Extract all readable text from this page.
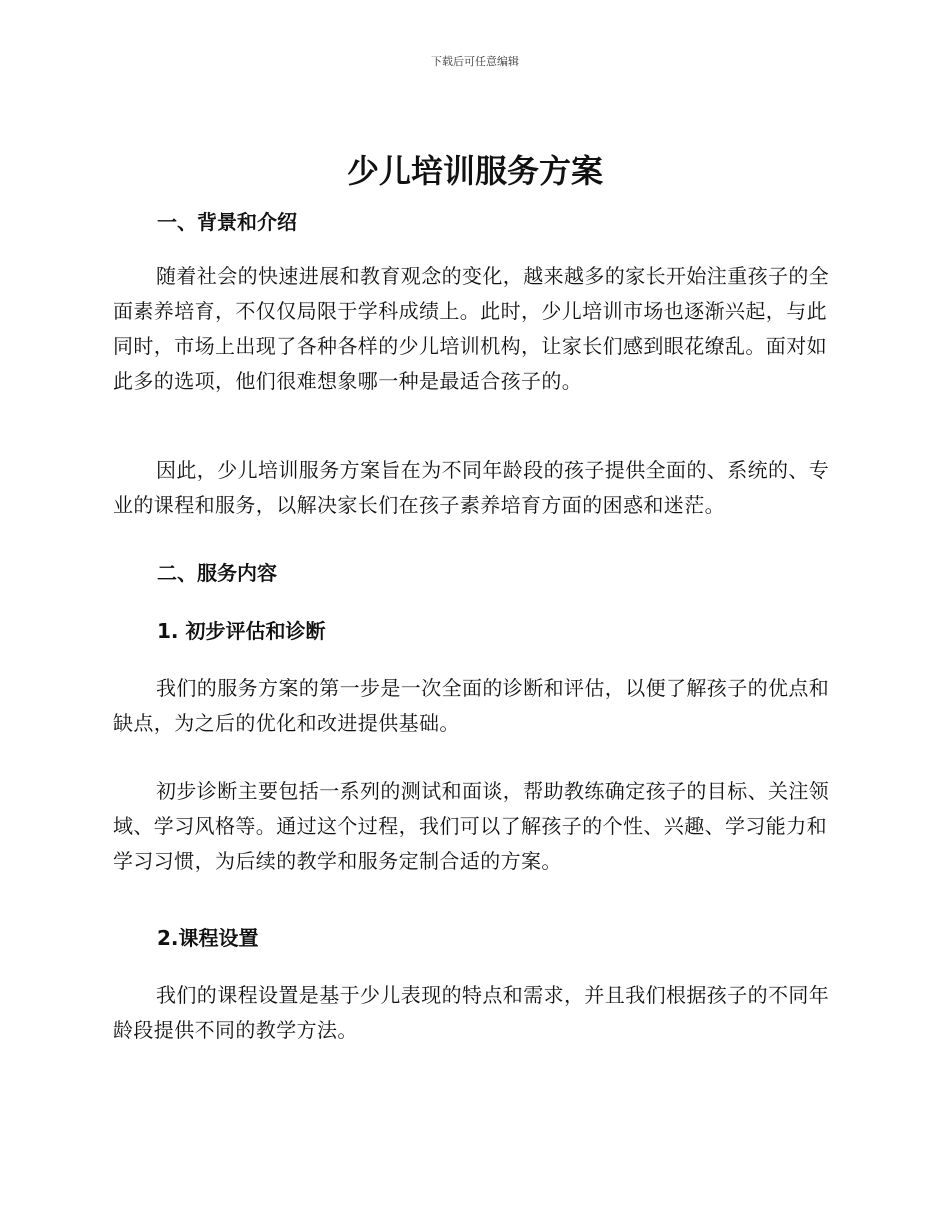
下载后可任意编辑
少儿培训服务方案
一、背景和介绍

随着社会的快速进展和教育观念的变化，越来越多的家长开始注重孩子的全面素养培育，不仅仅局限于学科成绩上。此时，少儿培训市场也逐渐兴起，与此同时，市场上出现了各种各样的少儿培训机构，让家长们感到眼花缭乱。面对如此多的选项，他们很难想象哪一种是最适合孩子的。

因此，少儿培训服务方案旨在为不同年龄段的孩子提供全面的、系统的、专业的课程和服务，以解决家长们在孩子素养培育方面的困惑和迷茫。

二、服务内容
1. 初步评估和诊断

我们的服务方案的第一步是一次全面的诊断和评估，以便了解孩子的优点和缺点，为之后的优化和改进提供基础。

初步诊断主要包括一系列的测试和面谈，帮助教练确定孩子的目标、关注领域、学习风格等。通过这个过程，我们可以了解孩子的个性、兴趣、学习能力和学习习惯，为后续的教学和服务定制合适的方案。

2.课程设置

我们的课程设置是基于少儿表现的特点和需求，并且我们根据孩子的不同年龄段提供不同的教学方法。
